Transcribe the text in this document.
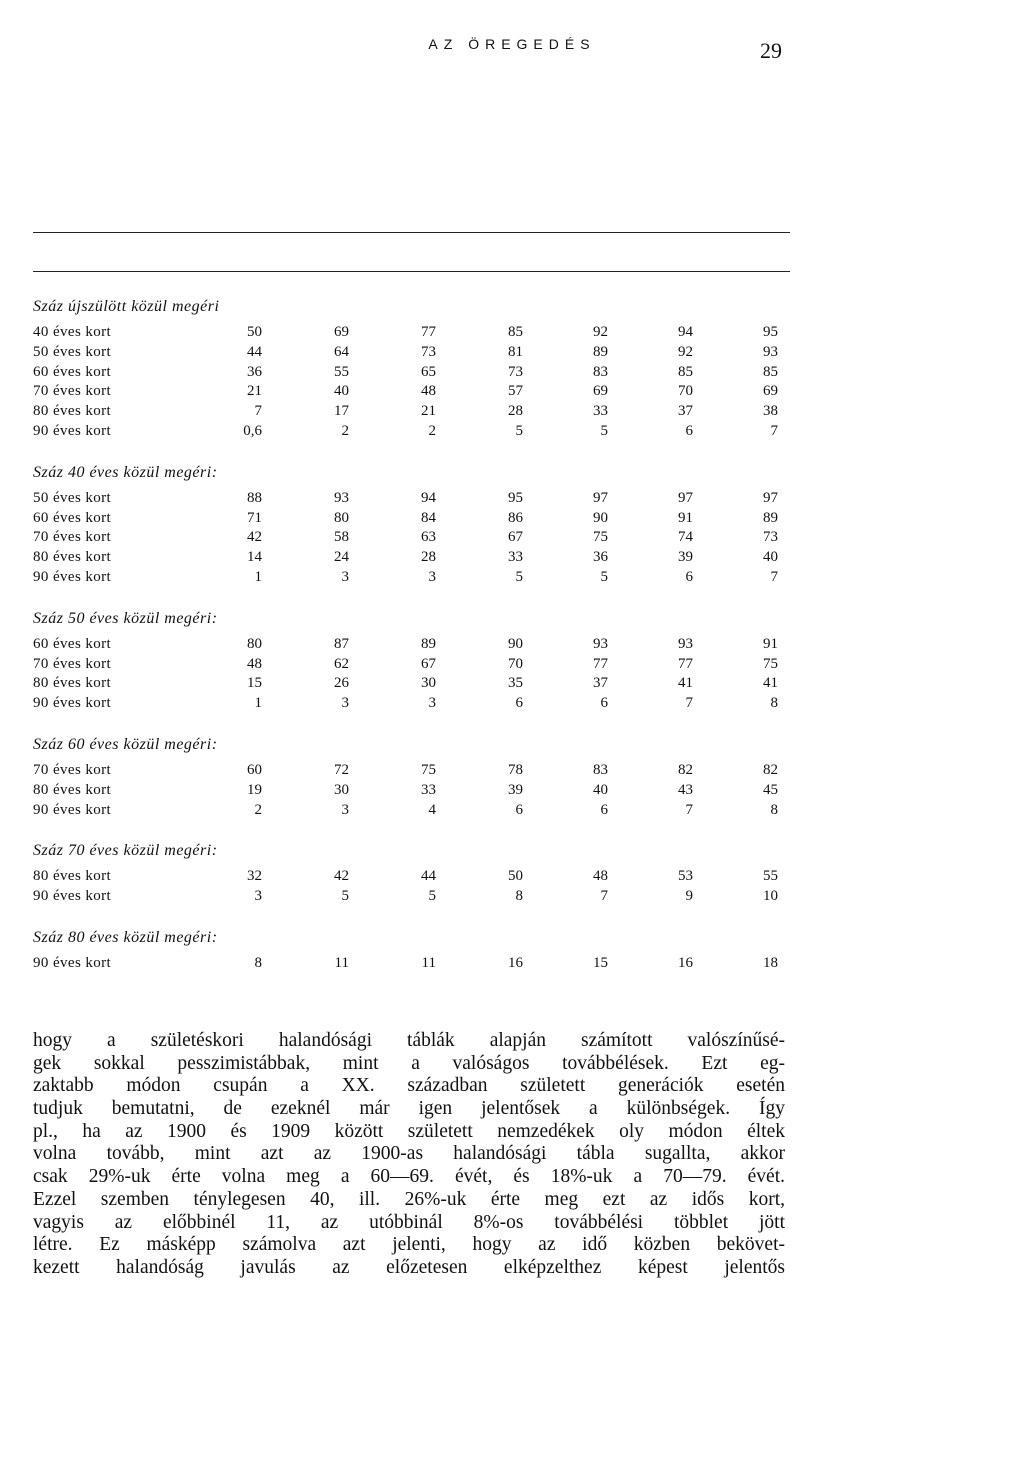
AZ ÖREGEDÉS	29
Száz újszülött közül megéri
40 éves kort	50	69	77	85	92	94	95
50 éves kort	44	64	73	81	89	92	93
60 éves kort	36	55	65	73	83	85	85
70 éves kort	21	40	48	57	69	70	69
80 éves kort	7	17	21	28	33	37	38
90 éves kort	0,6	2	2	5	5	6	7
Száz 40 éves közül megéri:
50 éves kort	88	93	94	95	97	97	97
60 éves kort	71	80	84	86	90	91	89
70 éves kort	42	58	63	67	75	74	73
80 éves kort	14	24	28	33	36	39	40
90 éves kort	1	3	3	5	5	6	7
Száz 50 éves közül megéri:
60 éves kort	80	87	89	90	93	93	91
70 éves kort	48	62	67	70	77	77	75
80 éves kort	15	26	30	35	37	41	41
90 éves kort	1	3	3	6	6	7	8
Száz 60 éves közül megéri:
70 éves kort	60	72	75	78	83	82	82
80 éves kort	19	30	33	39	40	43	45
90 éves kort	2	3	4	6	6	7	8
Száz 70 éves közül megéri:
80 éves kort	32	42	44	50	48	53	55
90 éves kort	3	5	5	8	7	9	10
Száz 80 éves közül megéri:
90 éves kort	8	11	11	16	15	16	18
hogy a születéskori halandósági táblák alapján számított valószínűsé-
gek sokkal pesszimistábbak, mint a valóságos továbbélések. Ezt eg-
zaktabb módon csupán a XX. században született generációk esetén
tudjuk bemutatni, de ezeknél már igen jelentősek a különbségek. Így
pl., ha az 1900 és 1909 között született nemzedékek oly módon éltek
volna tovább, mint azt az 1900-as halandósági tábla sugallta, akkor
csak 29%-uk érte volna meg a 60—69. évét, és 18%-uk a 70—79. évét.
Ezzel szemben ténylegesen 40, ill. 26%-uk érte meg ezt az idős kort,
vagyis az előbbinél 11, az utóbbinál 8%-os továbbélési többlet jött
létre. Ez másképp számolva azt jelenti, hogy az idő közben bekövet-
kezett halandóság javulás az előzetesen elképzelthez képest jelentős
